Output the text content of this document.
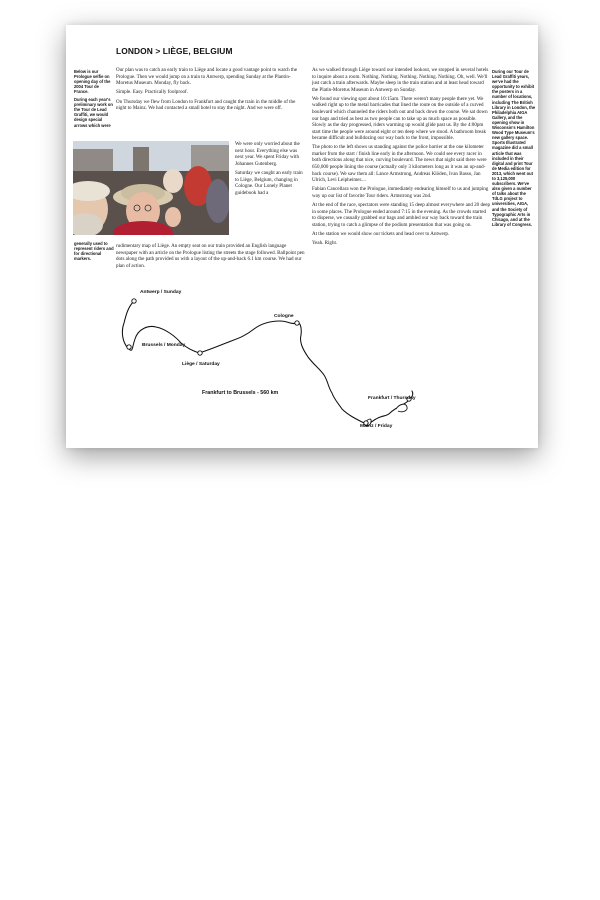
LONDON > LIÈGE, BELGIUM

Below is our Prologue selfie on opening day of the 2004 Tour de France.

During each year's preliminary work on the Tour de Lead Graffiti, we would design special arrows which were

Our plan was to catch an early train to Liège and locate a good vantage point to watch the Prologue. Then we would jump on a train to Antwerp, spending Sunday at the Plantin-Moretus Museum. Monday, fly back.

Simple. Easy. Practically foolproof.

On Thursday we flew from London to Frankfurt and caught the train in the middle of the night to Mainz. We had contacted a small hotel to stay the night. And we were off.

We were only worried about the next hour. Everything else was next year. We spent Friday with Johannes Gutenberg.

Saturday we caught an early train to Liège, Belgium, changing in Cologne. Our Lonely Planet guidebook had a

generally used to represent riders and for directional markers.

rudimentary map of Liège. An empty seat on our train provided an English language newspaper with an article on the Prologue listing the streets the stage followed. Ballpoint pen dots along the path provided us with a layout of the up-and-back 6.1 km course. We had our plan of action.

As we walked through Liège toward our intended lookout, we stopped in several hotels to inquire about a room. Nothing. Nothing. Nothing. Nothing. Nothing. Oh, well. We'll just catch a train afterwards. Maybe sleep in the train station and at least head toward the Platin-Moretus Museum in Antwerp on Sunday.

We found our viewing spot about 10:15am. There weren't many people there yet. We walked right up to the metal barricades that lined the route on the outside of a curved boulevard which channeled the riders both out and back down the course. We sat down our bags and tried as best as two people can to take up as much space as possible. Slowly as the day progressed, riders warming up would glide past us. By the 4:00pm start time the people were around eight or ten deep where we stood. A bathroom break became difficult and bulldozing our way back to the front, impossible.

The photo to the left shows us standing against the police barrier at the one kilometer marker from the start / finish line early in the afternoon. We could see every racer in both directions along that nice, curving boulevard. The news that night said there were 650,000 people lining the course (actually only 3 kilometers long as it was an up-and-back course). We saw them all: Lance Armstrong, Andreas Klöden, Ivan Basso, Jan Ulrich, Levi Leipheimer....

Fabian Cancellara won the Prologue, immediately endearing himself to us and jumping way up our list of favorite Tour riders. Armstrong was 2nd.

At the end of the race, spectators were standing 15 deep almost everywhere and 20 deep in some places. The Prologue ended around 7:15 in the evening. As the crowds started to disperse, we casually grabbed our bags and ambled our way back toward the train station, trying to catch a glimpse of the podium presentation that was going on.

At the station we would show our tickets and head over to Antwerp.

Yeah. Right.

During our Tour de Lead Graffiti years, we've had the opportunity to exhibit the posters in a number of locations, including The British Library in London, the Philadelphia AIGA Gallery, and the opening show in Wisconsin's Hamilton Wood Type Museum's new gallery space. Sports Illustrated magazine did a small article that was included in their digital and print Tour de Media edition for 2013, which went out to 3,125,000 subscribers. We've also given a number of talks about the TdLG project to universities, AIGA, and the Society of Typographic Arts in Chicago, and at the Library of Congress.
Antwerp / Sunday
Brussels / Monday
Liège / Saturday
Cologne
Frankfurt to Brussels - 560 km
Frankfurt / Thursday
Mainz / Friday
